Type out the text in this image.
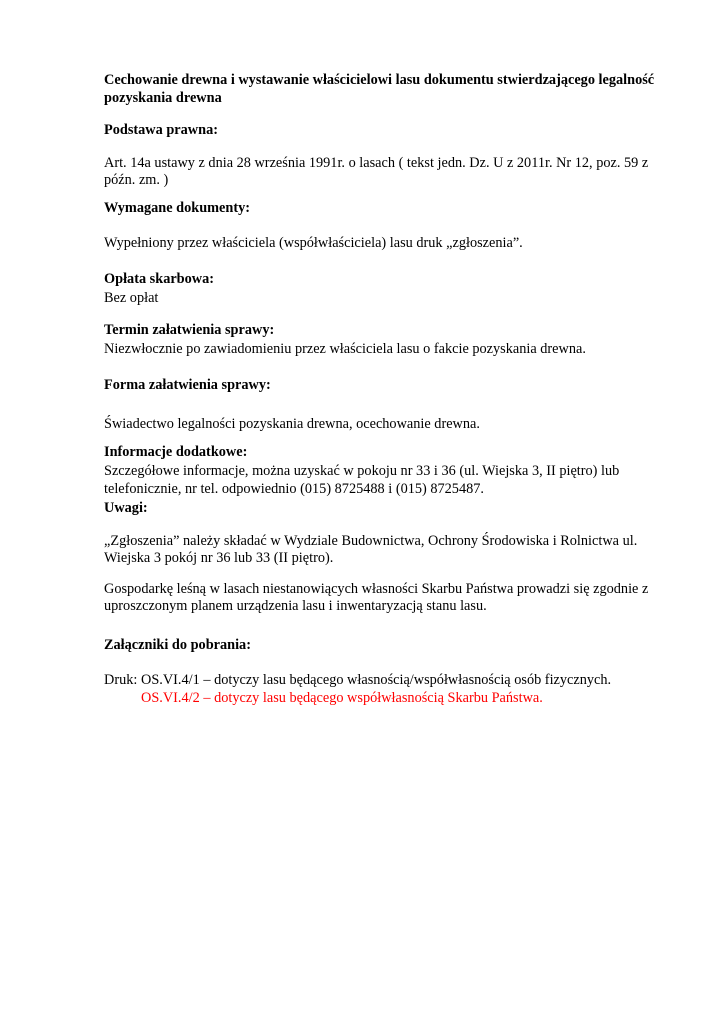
Cechowanie drewna i wystawanie właścicielowi lasu dokumentu stwierdzającego legalność pozyskania drewna

Podstawa prawna:

Art. 14a ustawy z dnia 28 września 1991r. o lasach ( tekst jedn. Dz. U z 2011r. Nr 12, poz. 59 z późn. zm. )

Wymagane dokumenty:

Wypełniony przez właściciela (współwłaściciela) lasu druk „zgłoszenia”.

Opłata skarbowa:

Bez opłat

Termin załatwienia sprawy:

Niezwłocznie po zawiadomieniu przez właściciela lasu o fakcie pozyskania drewna.

Forma załatwienia sprawy:

Świadectwo legalności pozyskania drewna, ocechowanie drewna.

Informacje dodatkowe:

Szczegółowe informacje, można uzyskać w pokoju nr 33 i 36 (ul. Wiejska 3, II piętro) lub telefonicznie, nr tel. odpowiednio (015) 8725488 i (015) 8725487.

Uwagi:

„Zgłoszenia” należy składać w Wydziale Budownictwa, Ochrony Środowiska i Rolnictwa ul. Wiejska 3 pokój nr 36 lub 33 (II piętro).

Gospodarkę leśną w lasach niestanowiących własności Skarbu Państwa prowadzi się zgodnie z uproszczonym planem urządzenia lasu i inwentaryzacją stanu lasu.

Załączniki do pobrania:

Druk: OS.VI.4/1 – dotyczy lasu będącego własnością/współwłasnością osób fizycznych.
OS.VI.4/2 – dotyczy lasu będącego współwłasnością Skarbu Państwa.
